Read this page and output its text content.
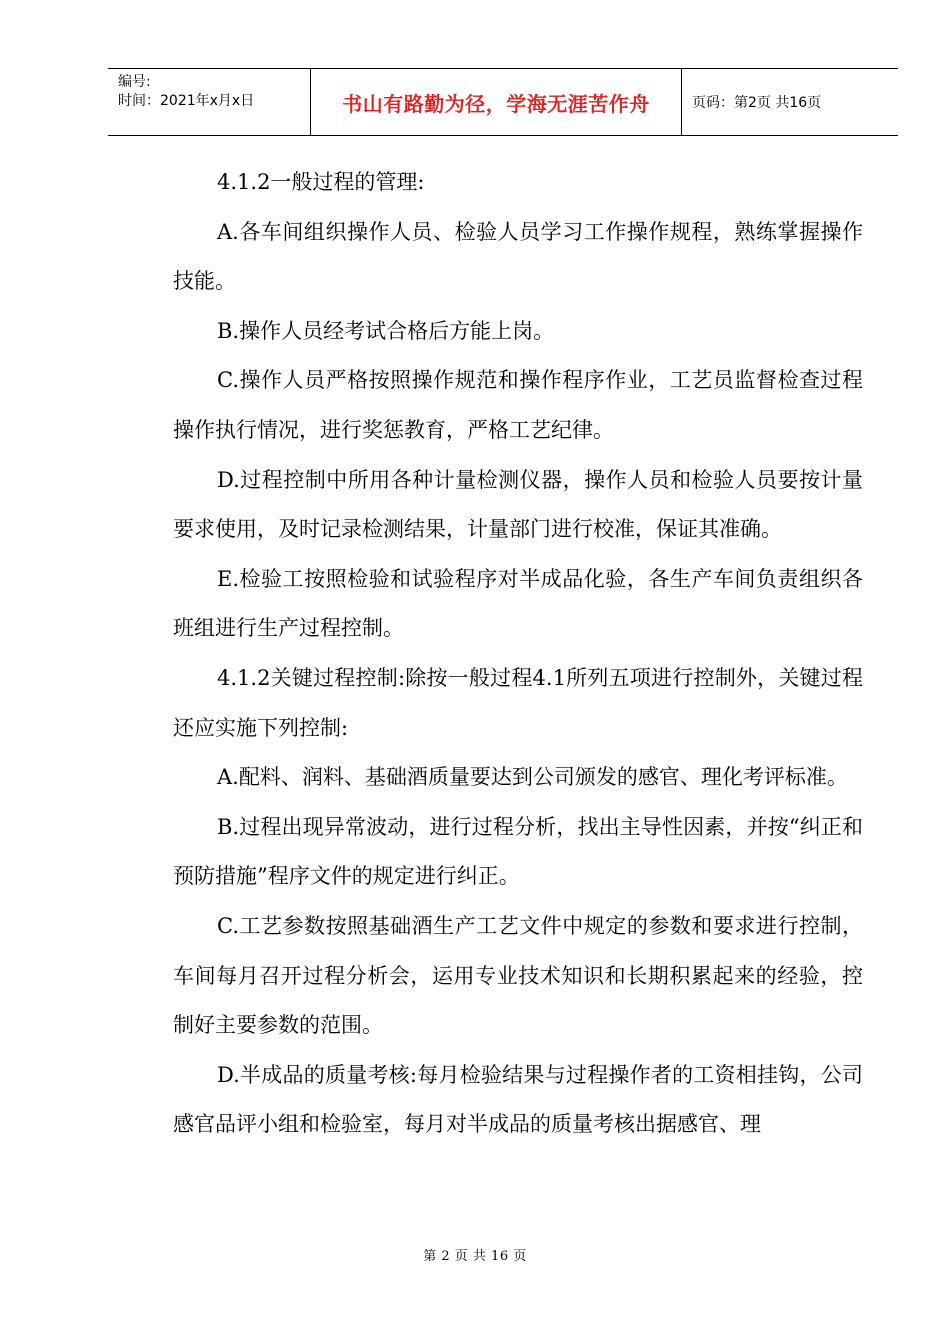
编号:
时间：2021年x月x日	书山有路勤为径，学海无涯苦作舟	页码：第2页 共16页

4.1.2一般过程的管理:

A.各车间组织操作人员、检验人员学习工作操作规程，熟练掌握操作技能。

B.操作人员经考试合格后方能上岗。

C.操作人员严格按照操作规范和操作程序作业，工艺员监督检查过程操作执行情况，进行奖惩教育，严格工艺纪律。

D.过程控制中所用各种计量检测仪器，操作人员和检验人员要按计量要求使用，及时记录检测结果，计量部门进行校准，保证其准确。

E.检验工按照检验和试验程序对半成品化验，各生产车间负责组织各班组进行生产过程控制。

4.1.2关键过程控制:除按一般过程4.1所列五项进行控制外，关键过程还应实施下列控制:

A.配料、润料、基础酒质量要达到公司颁发的感官、理化考评标准。

B.过程出现异常波动，进行过程分析，找出主导性因素，并按“纠正和预防措施”程序文件的规定进行纠正。

C.工艺参数按照基础酒生产工艺文件中规定的参数和要求进行控制，车间每月召开过程分析会，运用专业技术知识和长期积累起来的经验，控制好主要参数的范围。

D.半成品的质量考核:每月检验结果与过程操作者的工资相挂钩，公司感官品评小组和检验室，每月对半成品的质量考核出据感官、理

第 2 页 共 16 页
